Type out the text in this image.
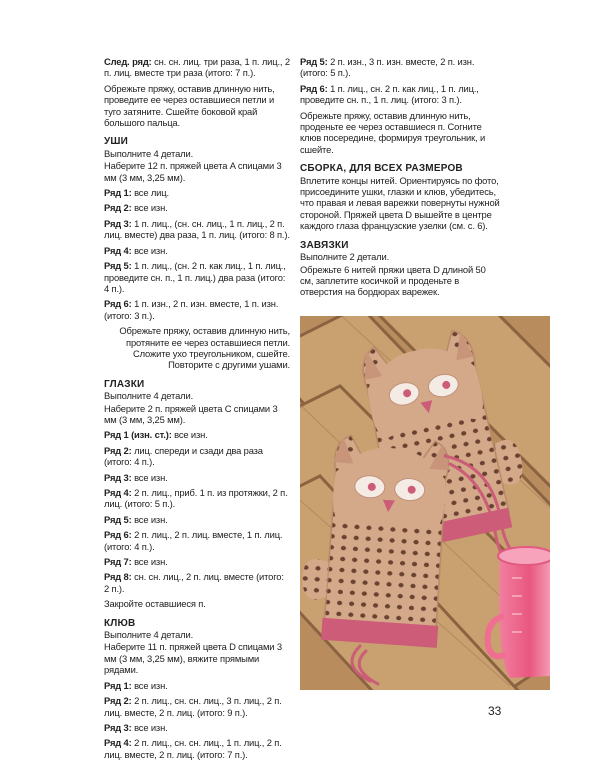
След. ряд: сн. сн. лиц. три раза, 1 п. лиц., 2 п. лиц. вместе три раза (итого: 7 п.).
Обрежьте пряжу, оставив длинную нить, проведите ее через оставшиеся петли и туго затяните. Сшейте боковой край большого пальца.
УШИ
Выполните 4 детали.
Наберите 12 п. пряжей цвета A спицами 3 мм (3 мм, 3,25 мм).
Ряд 1: все лиц.
Ряд 2: все изн.
Ряд 3: 1 п. лиц., (сн. сн. лиц., 1 п. лиц., 2 п. лиц. вместе) два раза, 1 п. лиц. (итого: 8 п.).
Ряд 4: все изн.
Ряд 5: 1 п. лиц., (сн. 2 п. как лиц., 1 п. лиц., проведите сн. п., 1 п. лиц.) два раза (итого: 4 п.).
Ряд 6: 1 п. изн., 2 п. изн. вместе, 1 п. изн. (итого: 3 п.).
Обрежьте пряжу, оставив длинную нить, протяните ее через оставшиеся петли. Сложите ухо треугольником, сшейте. Повторите с другими ушами.
ГЛАЗКИ
Выполните 4 детали.
Наберите 2 п. пряжей цвета C спицами 3 мм (3 мм, 3,25 мм).
Ряд 1 (изн. ст.): все изн.
Ряд 2: лиц. спереди и сзади два раза (итого: 4 п.).
Ряд 3: все изн.
Ряд 4: 2 п. лиц., приб. 1 п. из протяжки, 2 п. лиц. (итого: 5 п.).
Ряд 5: все изн.
Ряд 6: 2 п. лиц., 2 п. лиц. вместе, 1 п. лиц. (итого: 4 п.).
Ряд 7: все изн.
Ряд 8: сн. сн. лиц., 2 п. лиц. вместе (итого: 2 п.).
Закройте оставшиеся п.
КЛЮВ
Выполните 4 детали.
Наберите 11 п. пряжей цвета D спицами 3 мм (3 мм, 3,25 мм), вяжите прямыми рядами.
Ряд 1: все изн.
Ряд 2: 2 п. лиц., сн. сн. лиц., 3 п. лиц., 2 п. лиц. вместе, 2 п. лиц. (итого: 9 п.).
Ряд 3: все изн.
Ряд 4: 2 п. лиц., сн. сн. лиц., 1 п. лиц., 2 п. лиц. вместе, 2 п. лиц. (итого: 7 п.).
Ряд 5: 2 п. изн., 3 п. изн. вместе, 2 п. изн. (итого: 5 п.).
Ряд 6: 1 п. лиц., сн. 2 п. как лиц., 1 п. лиц., проведите сн. п., 1 п. лиц. (итого: 3 п.).
Обрежьте пряжу, оставив длинную нить, проденьте ее через оставшиеся п. Согните клюв посередине, формируя треугольник, и сшейте.
СБОРКА, ДЛЯ ВСЕХ РАЗМЕРОВ
Вплетите концы нитей. Ориентируясь по фото, присоедините ушки, глазки и клюв, убедитесь, что правая и левая варежки повернуты нужной стороной. Пряжей цвета D вышейте в центре каждого глаза французские узелки (см. с. 6).
ЗАВЯЗКИ
Выполните 2 детали.
Обрежьте 6 нитей пряжи цвета D длиной 50 см, заплетите косичкой и проденьте в отверстия на бордюрах варежек.
33
